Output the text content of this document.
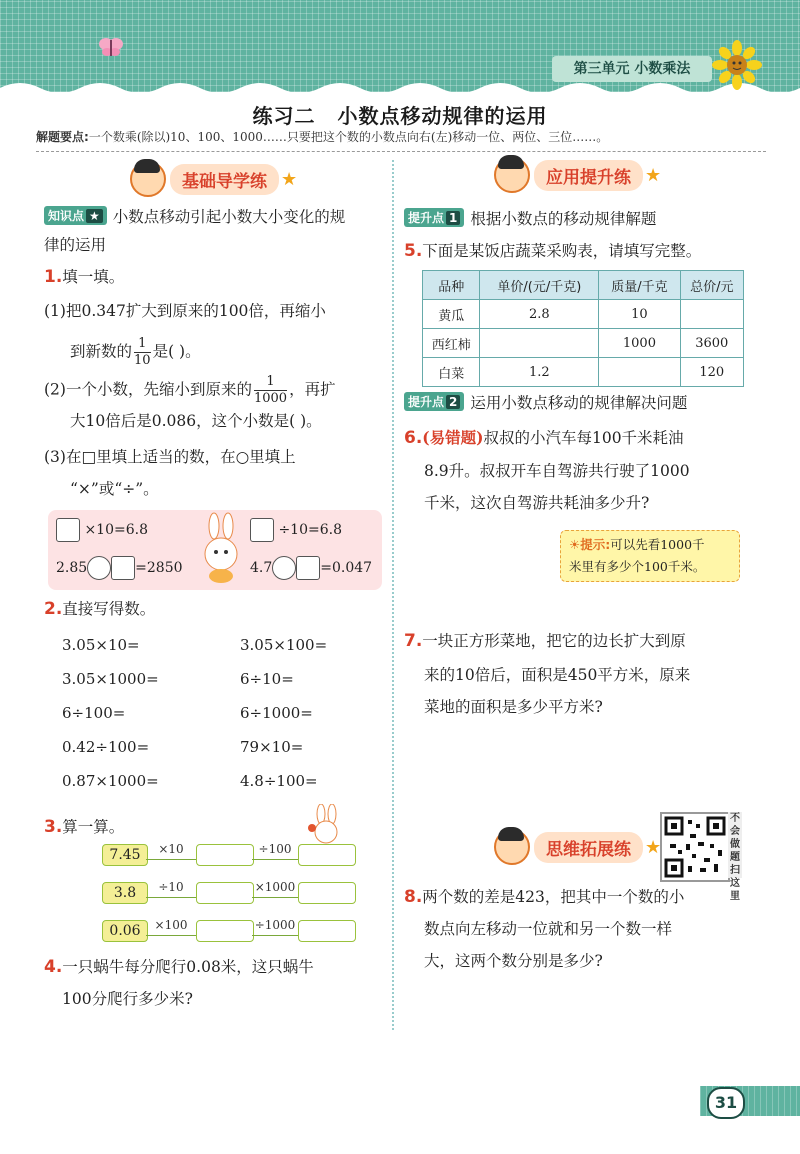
第三单元 小数乘法
练习二 小数点移动规律的运用
解题要点:一个数乘(除以)10、100、1000……只要把这个数的小数点向右(左)移动一位、两位、三位……。
基础导学练 ★
知识点 ★ 小数点移动引起小数大小变化的规
律的运用
1.填一填。
(1)把0.347扩大到原来的100倍，再缩小
到新数的 $\frac{1}{10}$ 是( )。
(2)一个小数，先缩小到原来的 $\frac{1}{1000}$ ，再扩
大10倍后是0.086，这个小数是( )。
(3)在□里填上适当的数，在○里填上
“×”或“÷”。
×10=6.8	÷10=6.8
2.85	=2850	4.7	=0.047
2.直接写得数。
3.05×10=	3.05×100=
3.05×1000=	6÷10=
6÷100=	6÷1000=
0.42÷100=	79×10=
0.87×1000=	4.8÷100=
3.算一算。
7.45	×10	÷100
3.8	÷10	×1000
0.06	×100	÷1000
4.一只蜗牛每分爬行0.08米，这只蜗牛
100分爬行多少米?
应用提升练 ★
提升点 1 根据小数点的移动规律解题
5.下面是某饭店蔬菜采购表，请填写完整。
品种	单价/(元/千克)	质量/千克	总价/元
黄瓜	2.8	10	
西红柿		1000	3600
白菜	1.2		120
提升点 2 运用小数点移动的规律解决问题
6.(易错题)叔叔的小汽车每100千米耗油
8.9升。叔叔开车自驾游共行驶了1000
千米，这次自驾游共耗油多少升?
☀提示:可以先看1000千
米里有多少个100千米。
7.一块正方形菜地，把它的边长扩大到原
来的10倍后，面积是450平方米，原来
菜地的面积是多少平方米?
思维拓展练 ★
不会做题扫这里
8.两个数的差是423，把其中一个数的小
数点向左移动一位就和另一个数一样
大，这两个数分别是多少?
31
